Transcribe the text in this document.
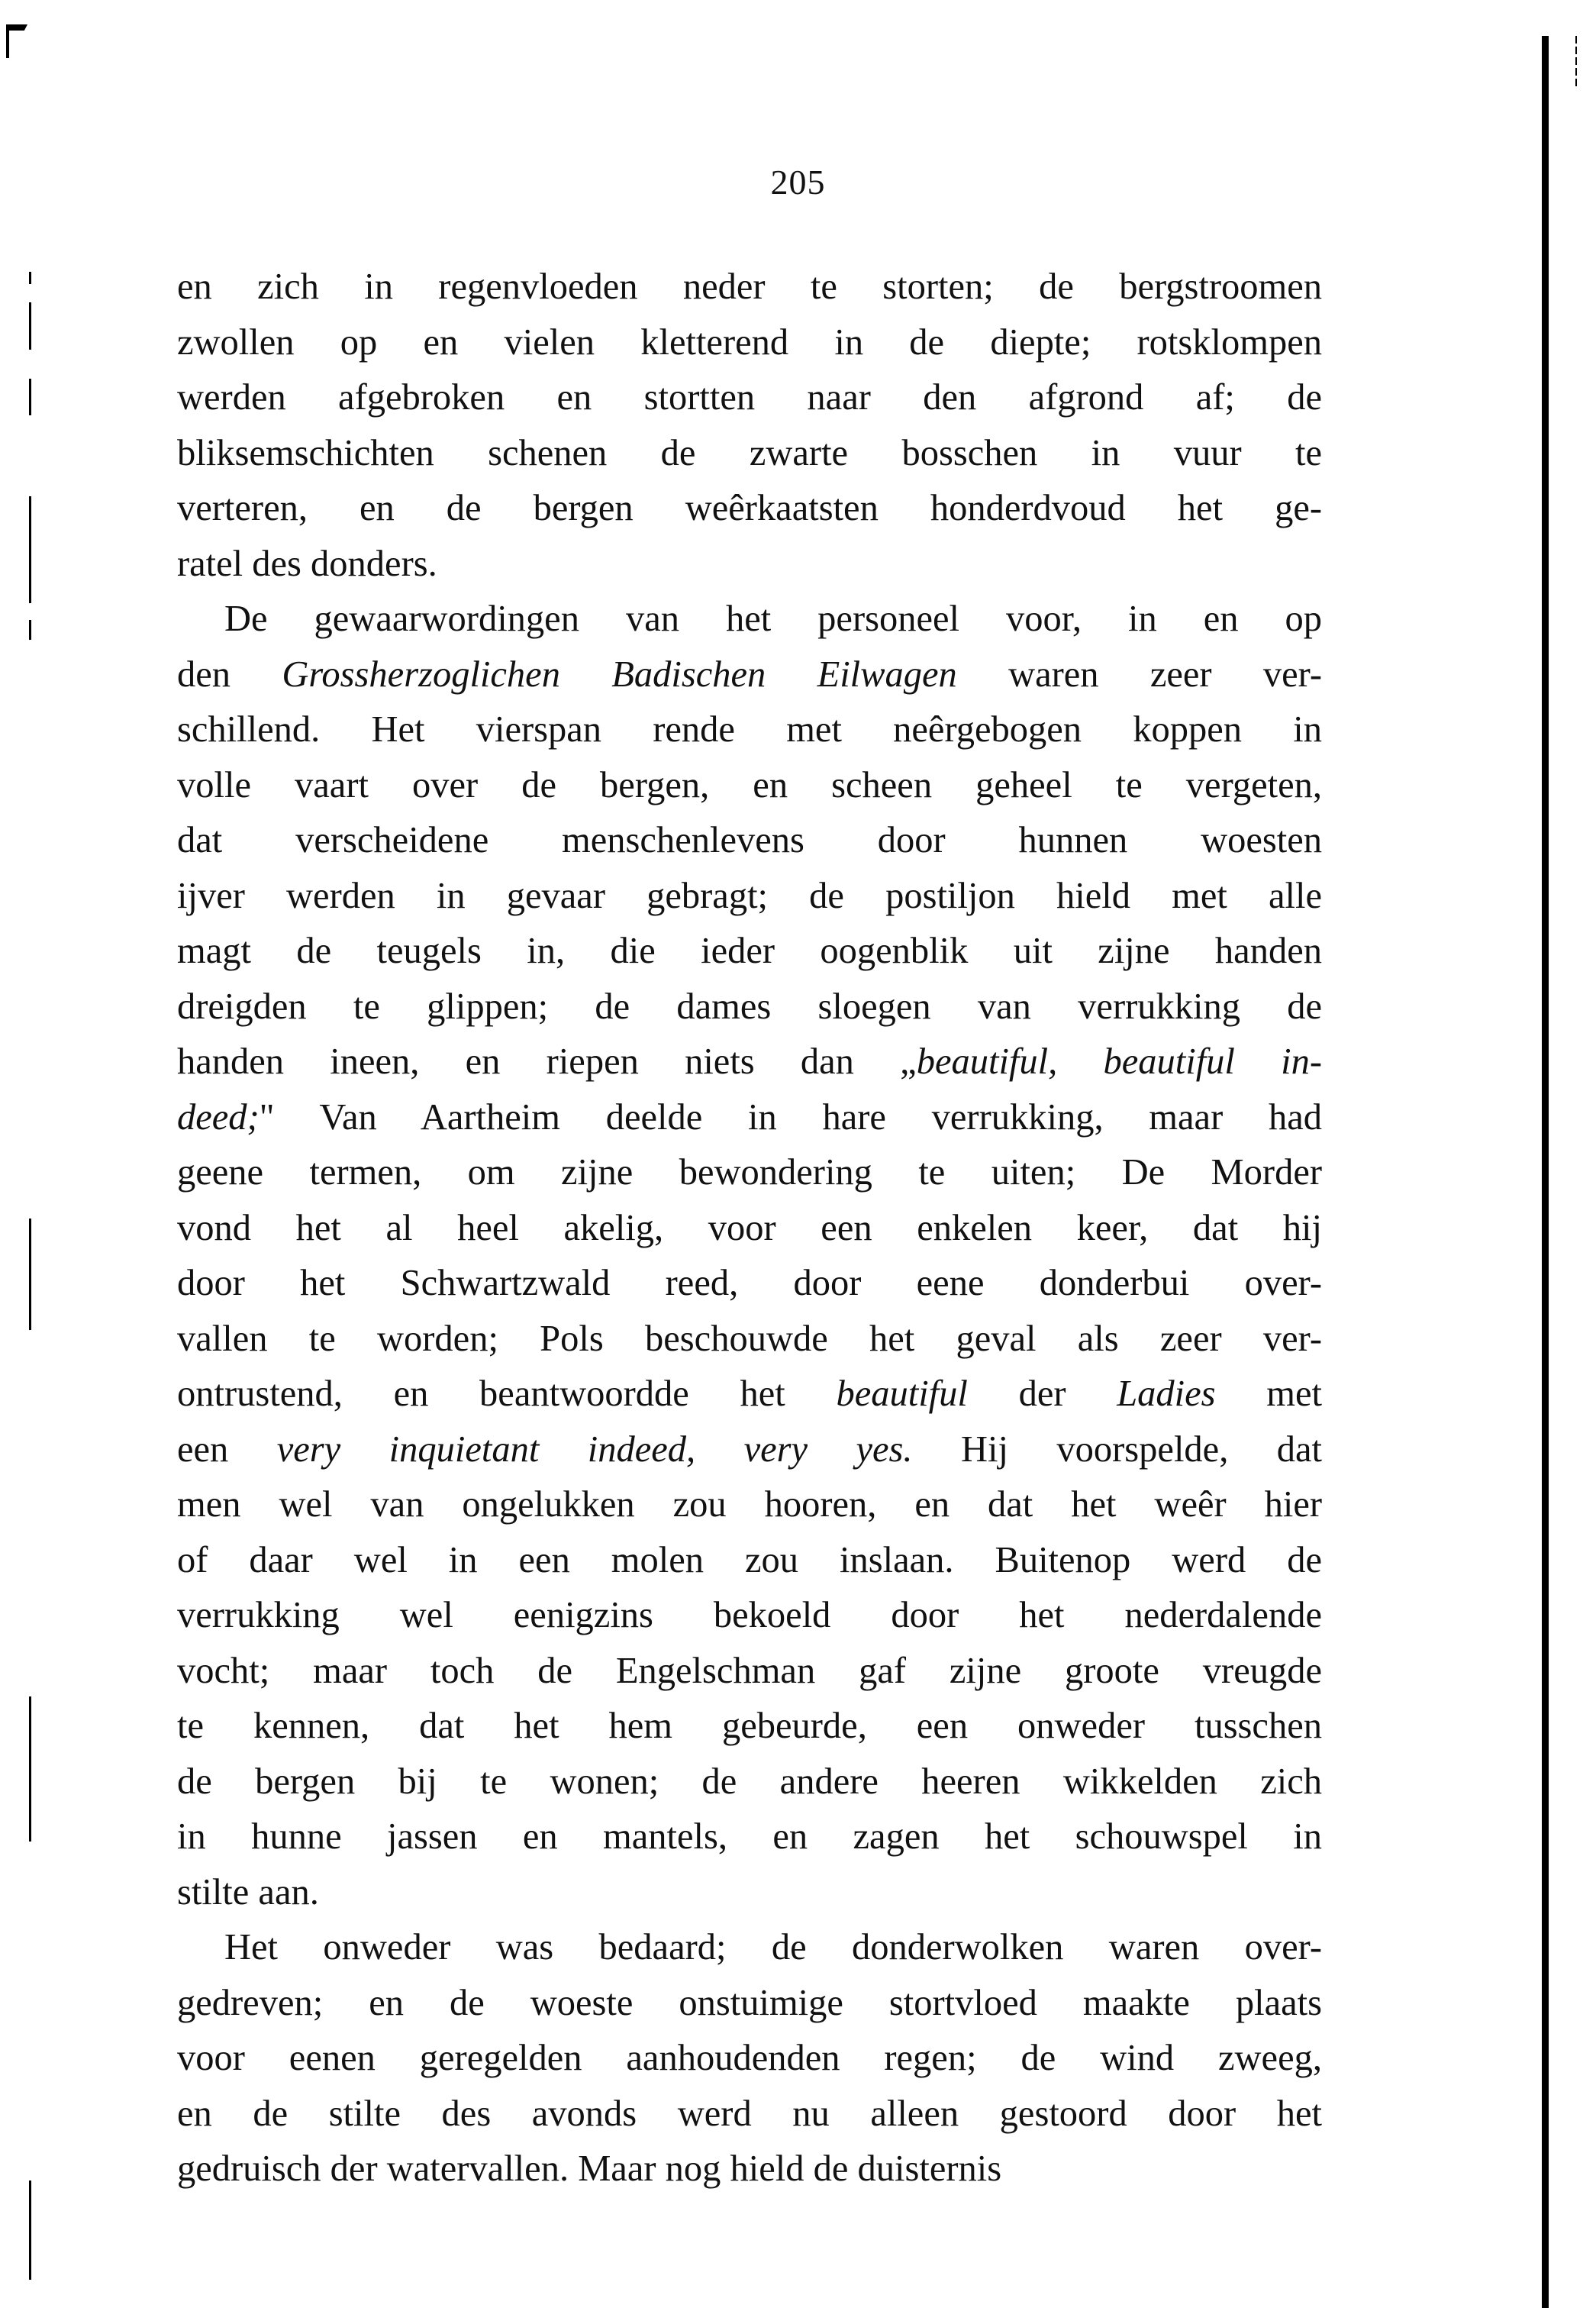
205
en zich in regenvloeden neder te storten; de bergstroomen
zwollen op en vielen kletterend in de diepte; rotsklompen
werden afgebroken en stortten naar den afgrond af; de
bliksemschichten schenen de zwarte bosschen in vuur te
verteren, en de bergen weêrkaatsten honderdvoud het ge-
ratel des donders.
De gewaarwordingen van het personeel voor, in en op
den Grossherzoglichen Badischen Eilwagen waren zeer ver-
schillend. Het vierspan rende met neêrgebogen koppen in
volle vaart over de bergen, en scheen geheel te vergeten,
dat verscheidene menschenlevens door hunnen woesten
ijver werden in gevaar gebragt; de postiljon hield met alle
magt de teugels in, die ieder oogenblik uit zijne handen
dreigden te glippen; de dames sloegen van verrukking de
handen ineen, en riepen niets dan „beautiful, beautiful in-
deed;" Van Aartheim deelde in hare verrukking, maar had
geene termen, om zijne bewondering te uiten; De Morder
vond het al heel akelig, voor een enkelen keer, dat hij
door het Schwartzwald reed, door eene donderbui over-
vallen te worden; Pols beschouwde het geval als zeer ver-
ontrustend, en beantwoordde het beautiful der Ladies met
een very inquietant indeed, very yes. Hij voorspelde, dat
men wel van ongelukken zou hooren, en dat het weêr hier
of daar wel in een molen zou inslaan. Buitenop werd de
verrukking wel eenigzins bekoeld door het nederdalende
vocht; maar toch de Engelschman gaf zijne groote vreugde
te kennen, dat het hem gebeurde, een onweder tusschen
de bergen bij te wonen; de andere heeren wikkelden zich
in hunne jassen en mantels, en zagen het schouwspel in
stilte aan.
Het onweder was bedaard; de donderwolken waren over-
gedreven; en de woeste onstuimige stortvloed maakte plaats
voor eenen geregelden aanhoudenden regen; de wind zweeg,
en de stilte des avonds werd nu alleen gestoord door het
gedruisch der watervallen. Maar nog hield de duisternis
